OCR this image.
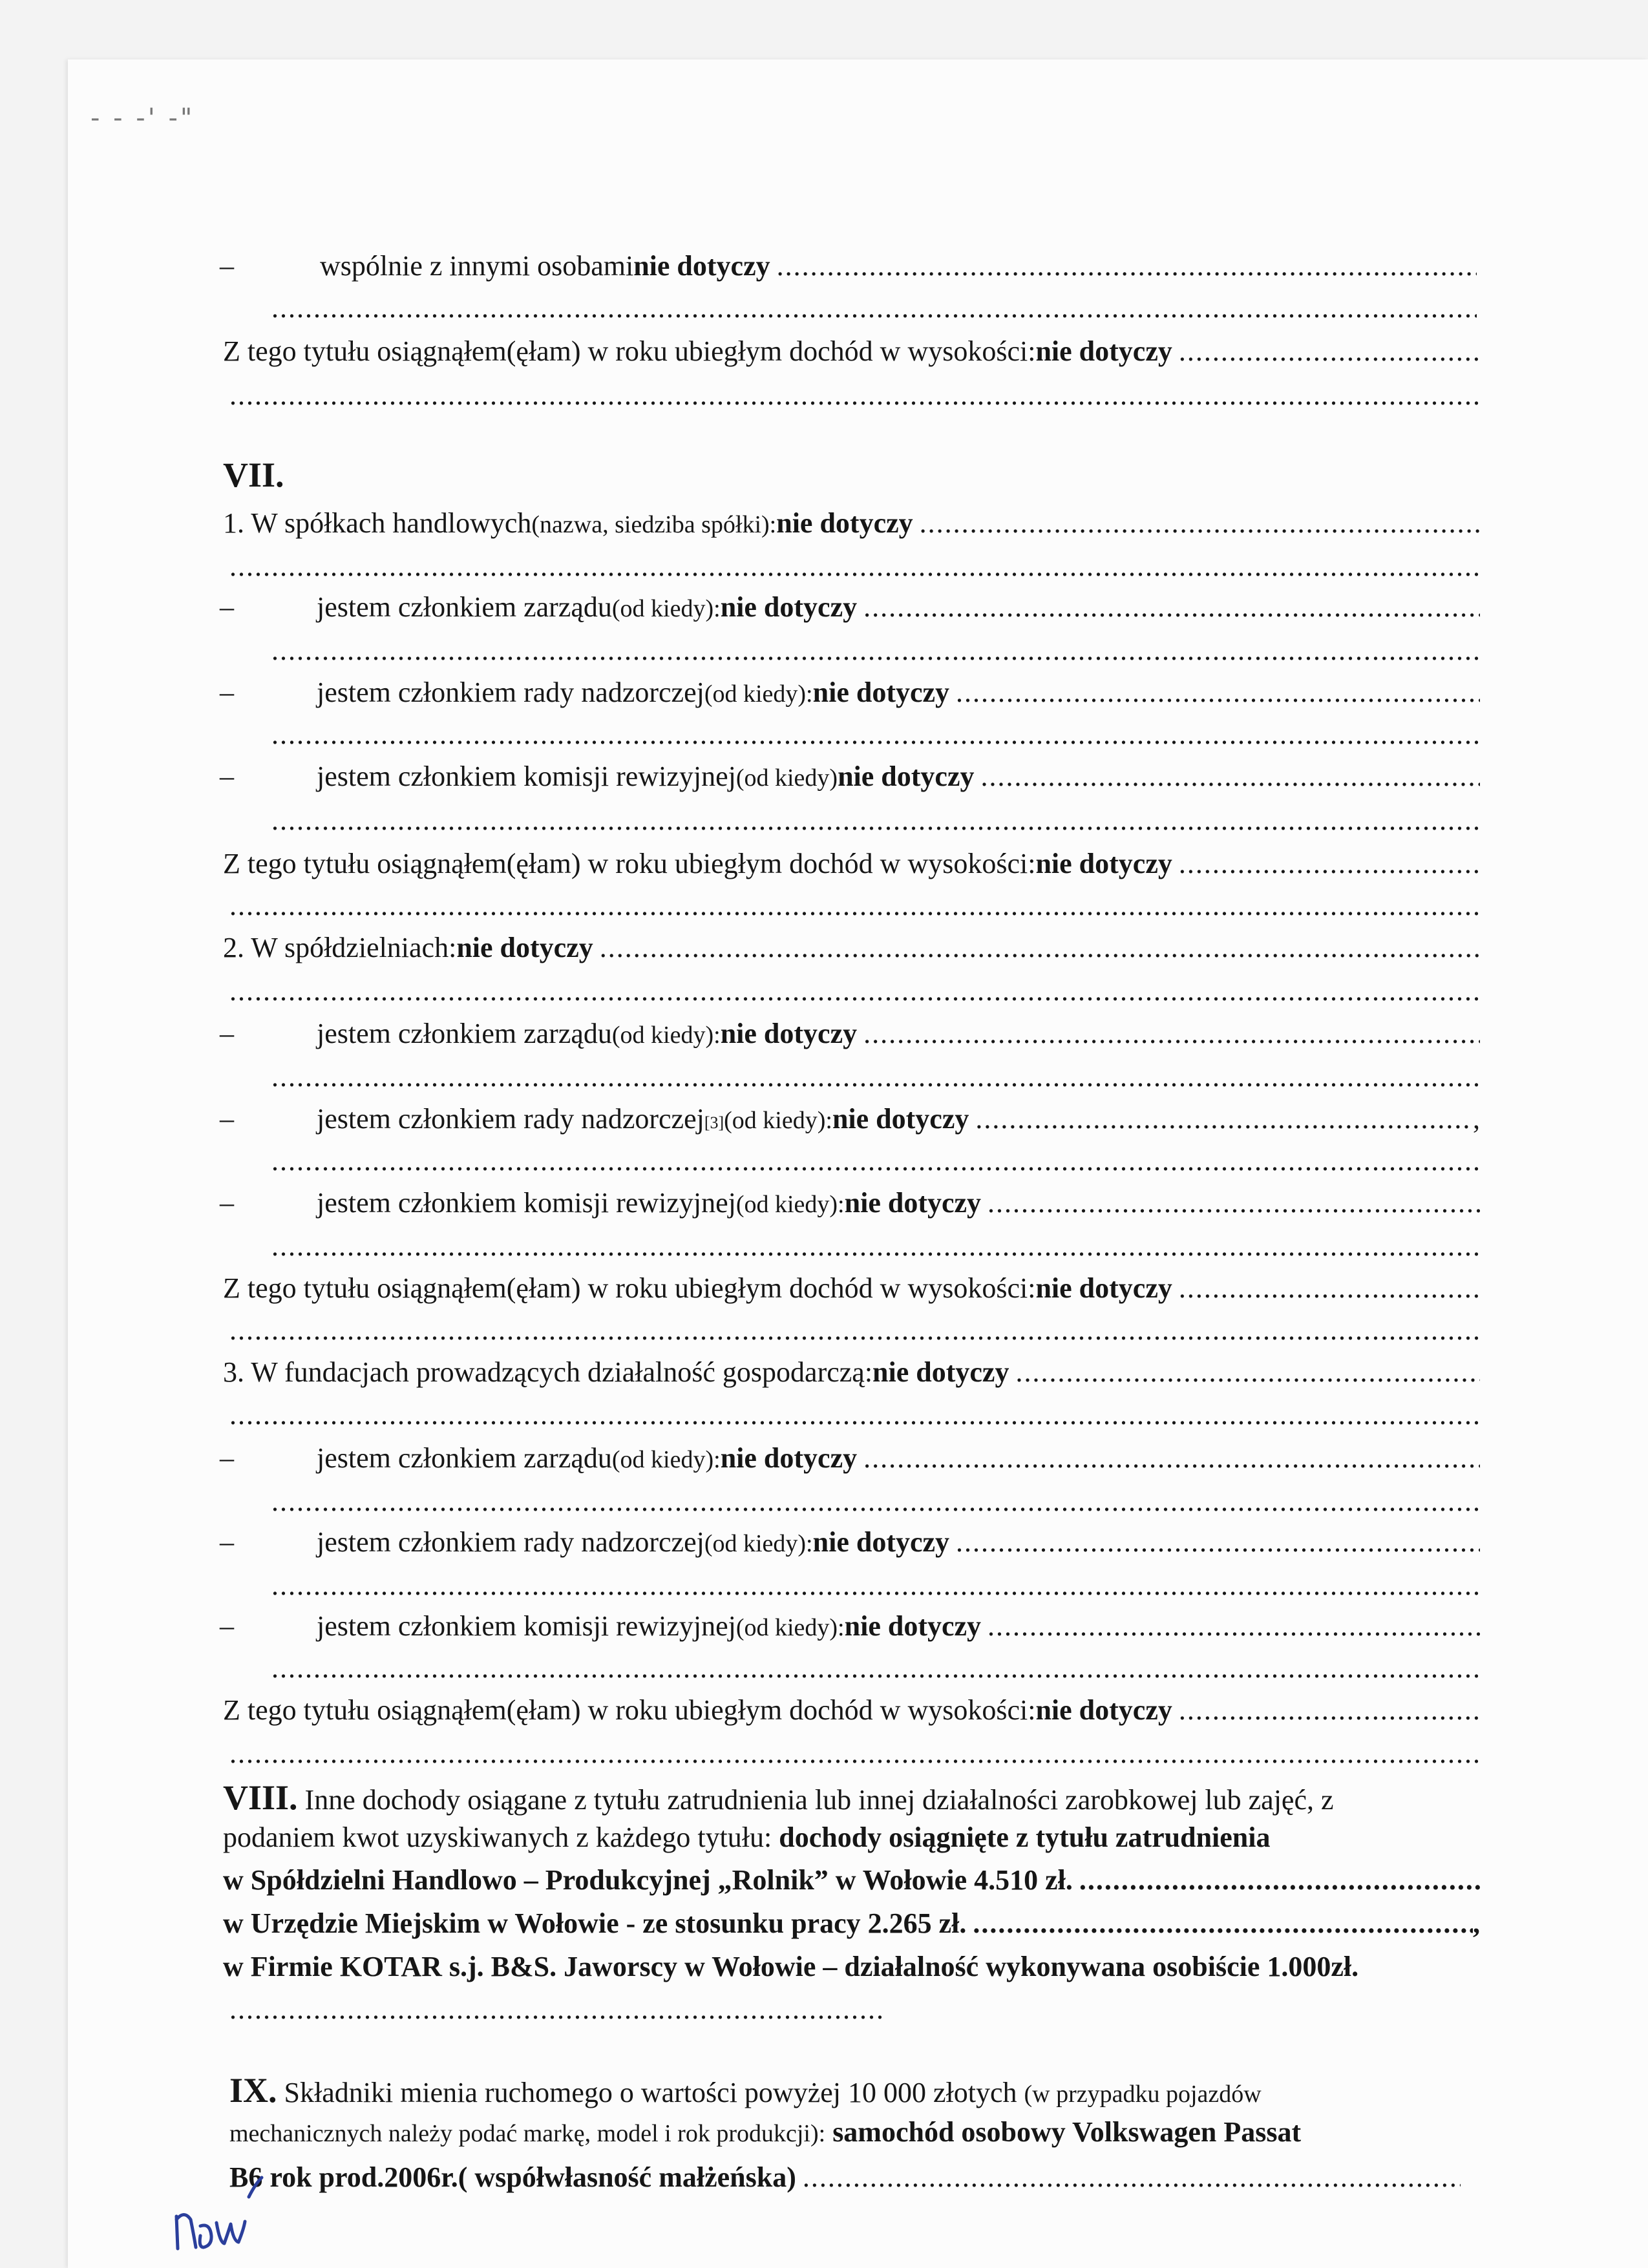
- - -' -"
–	wspólnie z innymi osobami nie dotyczy
.....
.....
Z tego tytułu osiągnąłem(ęłam) w roku ubiegłym dochód w wysokości: nie dotyczy
.....
.....
VII.
1. W spółkach handlowych (nazwa, siedziba spółki): nie dotyczy
.....
.....
–	jestem członkiem zarządu (od kiedy): nie dotyczy
.....
.....
–	jestem członkiem rady nadzorczej (od kiedy): nie dotyczy
.....
.....
–	jestem członkiem komisji rewizyjnej (od kiedy) nie dotyczy
.....
.....
Z tego tytułu osiągnąłem(ęłam) w roku ubiegłym dochód w wysokości: nie dotyczy
.....
.....
2. W spółdzielniach: nie dotyczy
.....
.....
–	jestem członkiem zarządu (od kiedy): nie dotyczy
.....
.....
–	jestem członkiem rady nadzorczej [3] (od kiedy): nie dotyczy .....	,
.....
–	jestem członkiem komisji rewizyjnej (od kiedy): nie dotyczy
.....
.....
Z tego tytułu osiągnąłem(ęłam) w roku ubiegłym dochód w wysokości: nie dotyczy
.....
.....
3. W fundacjach prowadzących działalność gospodarczą: nie dotyczy
.....
.....
–	jestem członkiem zarządu (od kiedy): nie dotyczy
.....
.....
–	jestem członkiem rady nadzorczej (od kiedy): nie dotyczy
.....
.....
–	jestem członkiem komisji rewizyjnej (od kiedy): nie dotyczy
.....
.....
Z tego tytułu osiągnąłem(ęłam) w roku ubiegłym dochód w wysokości: nie dotyczy
.....
.....
VIII. Inne dochody osiągane z tytułu zatrudnienia lub innej działalności zarobkowej lub zajęć, z
podaniem kwot uzyskiwanych z każdego tytułu: dochody osiągnięte z tytułu zatrudnienia
w Spółdzielni Handlowo – Produkcyjnej „Rolnik” w Wołowie 4.510 zł.
.....
w Urzędzie Miejskim w Wołowie - ze stosunku pracy 2.265 zł. .....	,
w Firmie KOTAR s.j. B&S. Jaworscy w Wołowie – działalność wykonywana osobiście 1.000zł.
.....
IX. Składniki mienia ruchomego o wartości powyżej 10 000 złotych (w przypadku pojazdów
mechanicznych należy podać markę, model i rok produkcji): samochód osobowy Volkswagen Passat
B6 rok prod.2006r.( współwłasność małżeńska)
.....
